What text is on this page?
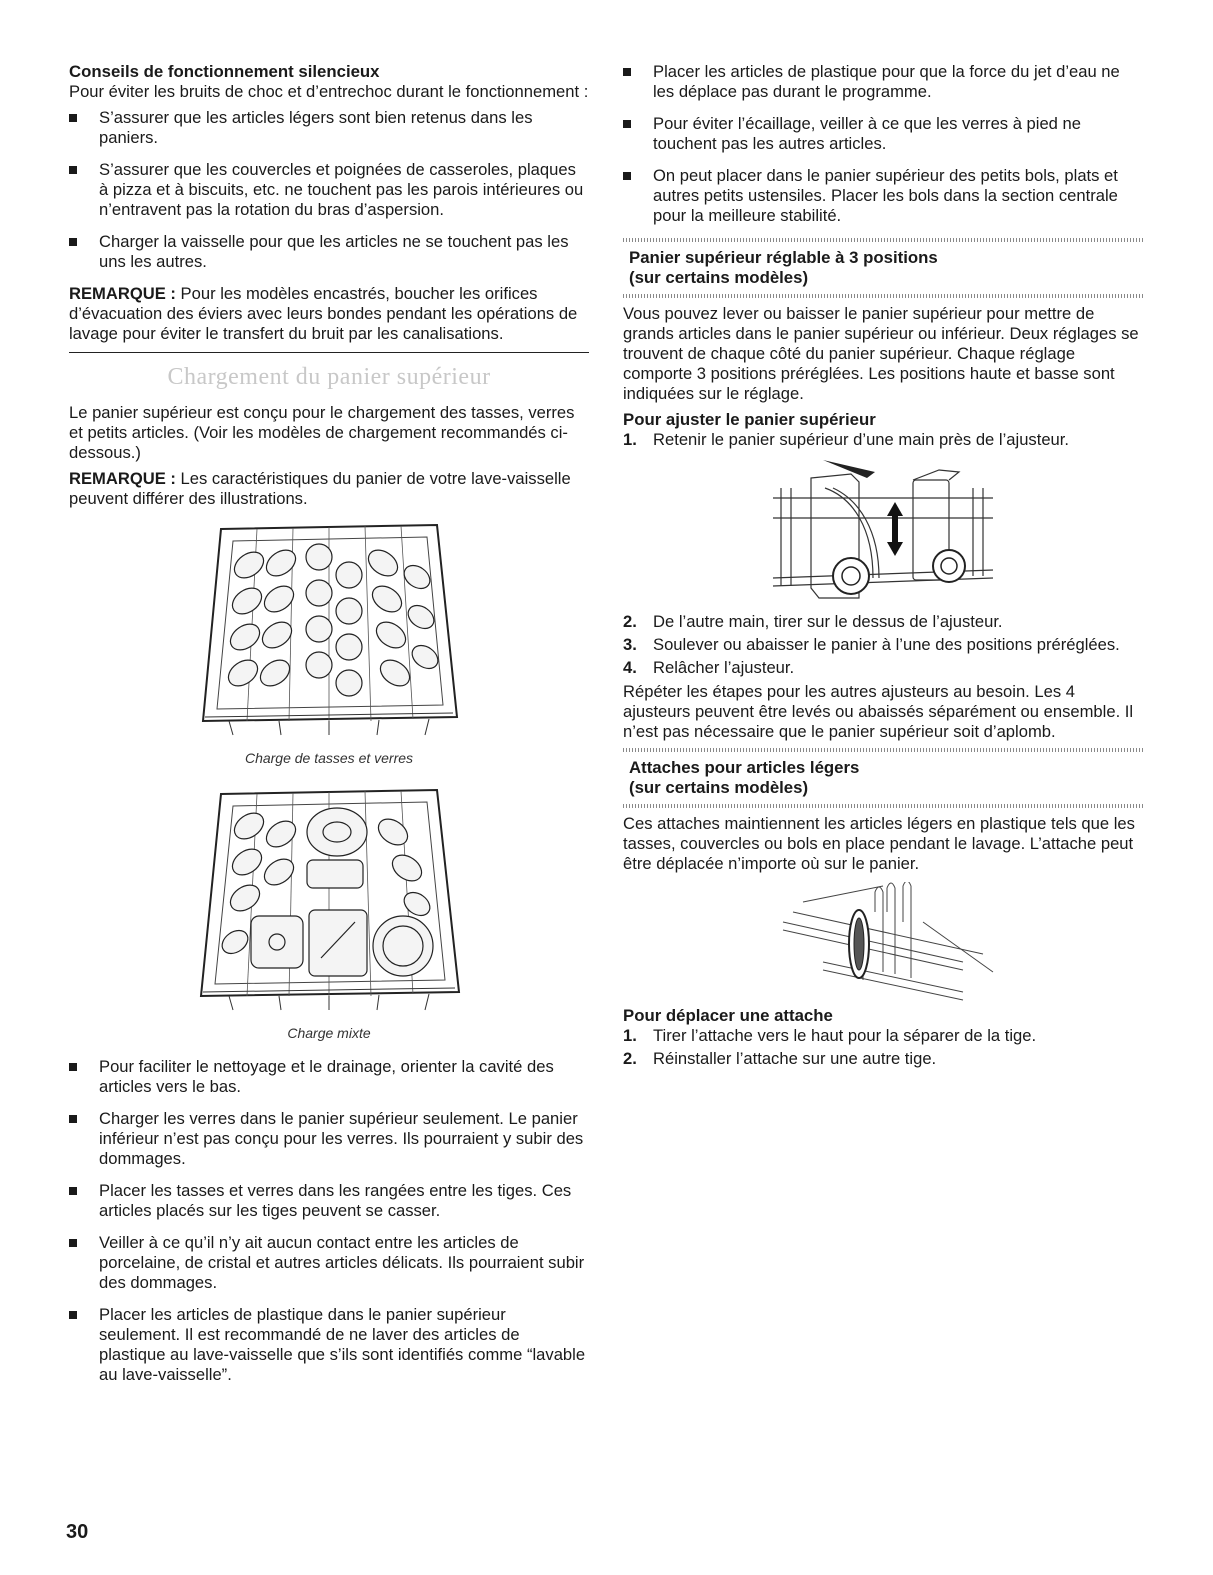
Conseils de fonctionnement silencieux

Pour éviter les bruits de choc et d’entrechoc durant le fonctionnement :

S’assurer que les articles légers sont bien retenus dans les paniers.
S’assurer que les couvercles et poignées de casseroles, plaques à pizza et à biscuits, etc. ne touchent pas les parois intérieures ou n’entravent pas la rotation du bras d’aspersion.
Charger la vaisselle pour que les articles ne se touchent pas les uns les autres.

REMARQUE : Pour les modèles encastrés, boucher les orifices d’évacuation des éviers avec leurs bondes pendant les opérations de lavage pour éviter le transfert du bruit par les canalisations.

Chargement du panier supérieur

Le panier supérieur est conçu pour le chargement des tasses, verres et petits articles. (Voir les modèles de chargement recommandés ci-dessous.)

REMARQUE : Les caractéristiques du panier de votre lave-vaisselle peuvent différer des illustrations.

Charge de tasses et verres
Charge mixte
Pour faciliter le nettoyage et le drainage, orienter la cavité des articles vers le bas.
Charger les verres dans le panier supérieur seulement. Le panier inférieur n’est pas conçu pour les verres. Ils pourraient y subir des dommages.
Placer les tasses et verres dans les rangées entre les tiges. Ces articles placés sur les tiges peuvent se casser.
Veiller à ce qu’il n’y ait aucun contact entre les articles de porcelaine, de cristal et autres articles délicats. Ils pourraient subir des dommages.
Placer les articles de plastique dans le panier supérieur seulement. Il est recommandé de ne laver des articles de plastique au lave-vaisselle que s’ils sont identifiés comme “lavable au lave-vaisselle”.
Placer les articles de plastique pour que la force du jet d’eau ne les déplace pas durant le programme.
Pour éviter l’écaillage, veiller à ce que les verres à pied ne touchent pas les autres articles.
On peut placer dans le panier supérieur des petits bols, plats et autres petits ustensiles. Placer les bols dans la section centrale pour la meilleure stabilité.
Panier supérieur réglable à 3 positions
(sur certains modèles)

Vous pouvez lever ou baisser le panier supérieur pour mettre de grands articles dans le panier supérieur ou inférieur. Deux réglages se trouvent de chaque côté du panier supérieur. Chaque réglage comporte 3 positions préréglées. Les positions haute et basse sont indiquées sur le réglage.

Pour ajuster le panier supérieur
1. Retenir le panier supérieur d’une main près de l’ajusteur.
2. De l’autre main, tirer sur le dessus de l’ajusteur.
3. Soulever ou abaisser le panier à l’une des positions préréglées.
4. Relâcher l’ajusteur.

Répéter les étapes pour les autres ajusteurs au besoin. Les 4 ajusteurs peuvent être levés ou abaissés séparément ou ensemble. Il n’est pas nécessaire que le panier supérieur soit d’aplomb.

Attaches pour articles légers
(sur certains modèles)

Ces attaches maintiennent les articles légers en plastique tels que les tasses, couvercles ou bols en place pendant le lavage. L’attache peut être déplacée n’importe où sur le panier.

Pour déplacer une attache
1. Tirer l’attache vers le haut pour la séparer de la tige.
2. Réinstaller l’attache sur une autre tige.
30
